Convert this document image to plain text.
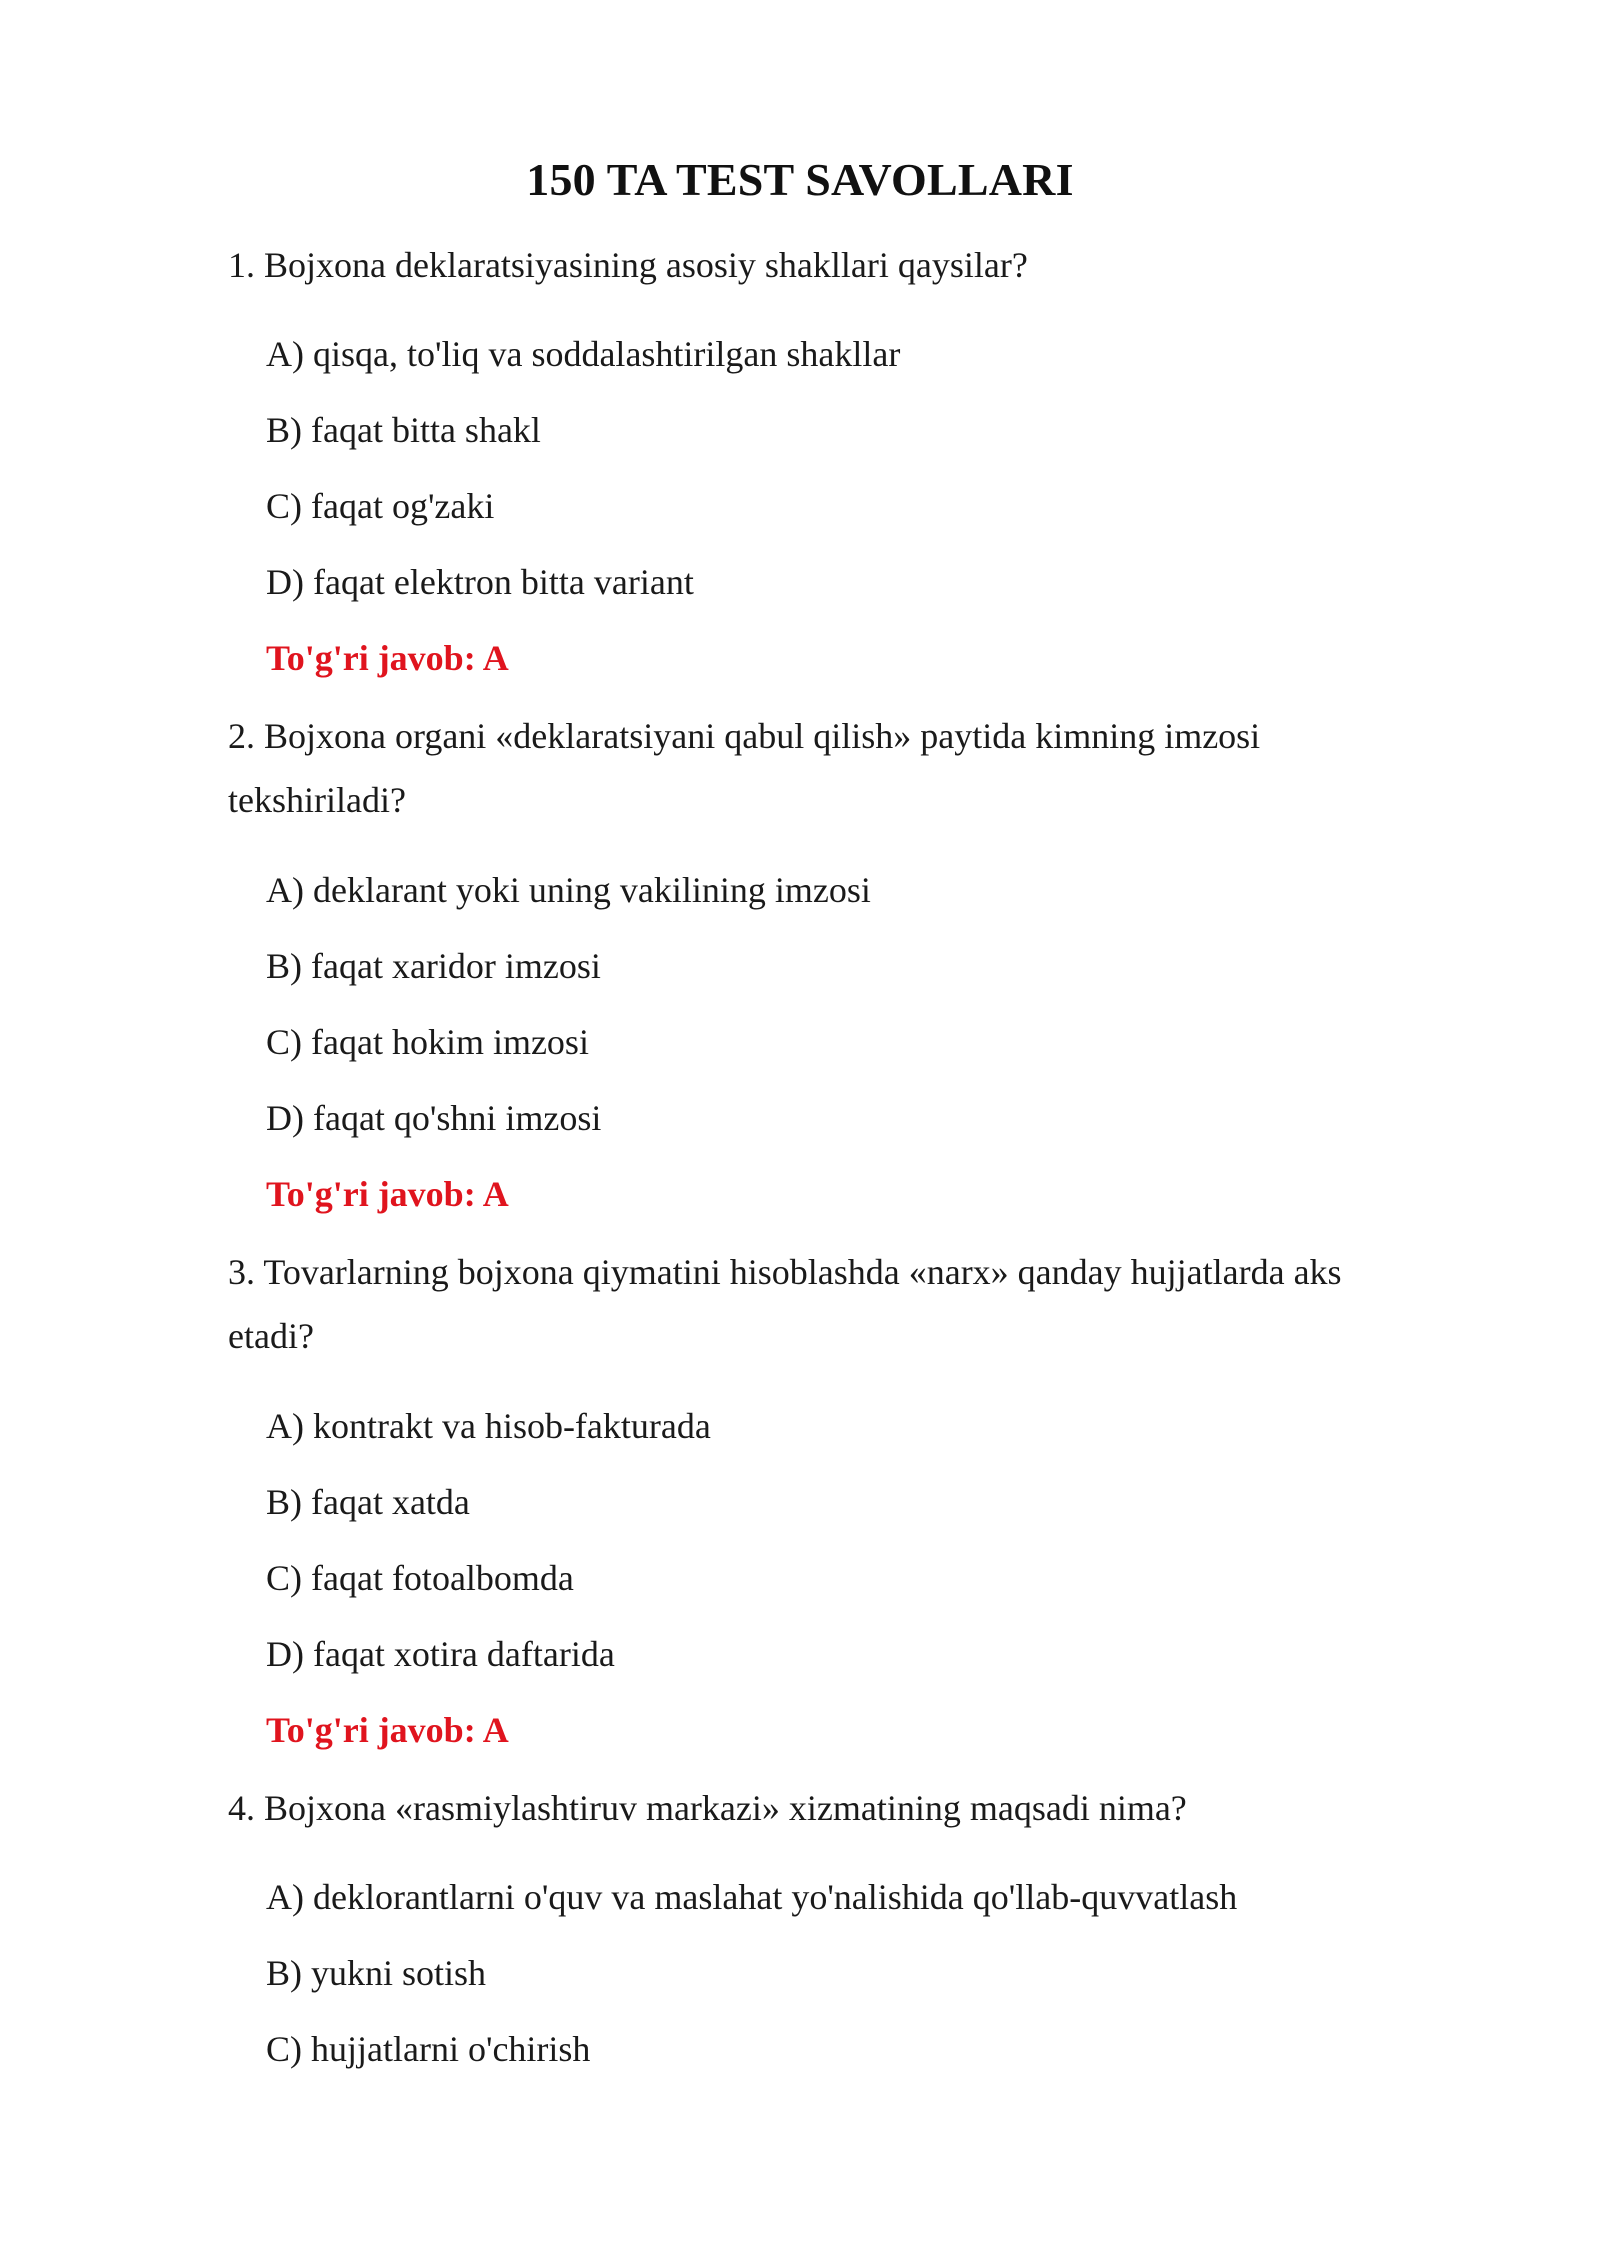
150 TA TEST SAVOLLARI

1. Bojxona deklaratsiyasining asosiy shakllari qaysilar?

A) qisqa, to'liq va soddalashtirilgan shakllar

B) faqat bitta shakl

C) faqat og'zaki

D) faqat elektron bitta variant

To'g'ri javob: A

2. Bojxona organi «deklaratsiyani qabul qilish» paytida kimning imzosi tekshiriladi?

A) deklarant yoki uning vakilining imzosi

B) faqat xaridor imzosi

C) faqat hokim imzosi

D) faqat qo'shni imzosi

To'g'ri javob: A

3. Tovarlarning bojxona qiymatini hisoblashda «narx» qanday hujjatlarda aks etadi?

A) kontrakt va hisob-fakturada

B) faqat xatda

C) faqat fotoalbomda

D) faqat xotira daftarida

To'g'ri javob: A

4. Bojxona «rasmiylashtiruv markazi» xizmatining maqsadi nima?

A) deklorantlarni o'quv va maslahat yo'nalishida qo'llab-quvvatlash

B) yukni sotish

C) hujjatlarni o'chirish
